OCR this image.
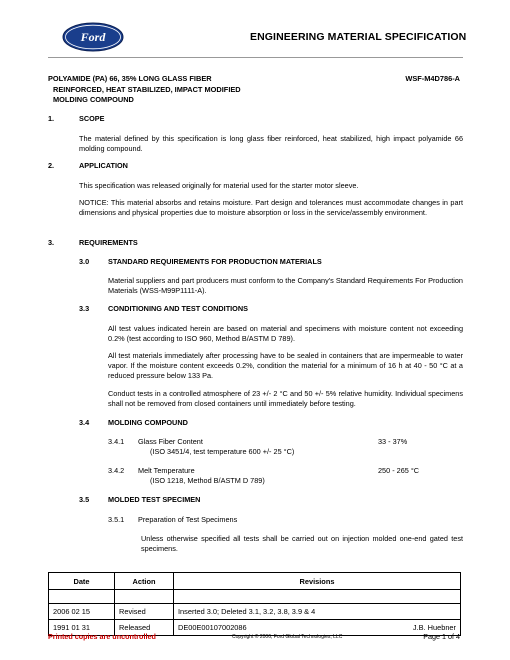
Ford	ENGINEERING MATERIAL SPECIFICATION
POLYAMIDE (PA) 66, 35% LONG GLASS FIBER
REINFORCED, HEAT STABILIZED, IMPACT MODIFIED
MOLDING COMPOUND
WSF-M4D786-A
1.	SCOPE
The material defined by this specification is long glass fiber reinforced, heat stabilized, high impact polyamide 66 molding compound.
2.	APPLICATION
This specification was released originally for material used for the starter motor sleeve.
NOTICE: This material absorbs and retains moisture. Part design and tolerances must accommodate changes in part dimensions and physical properties due to moisture absorption or loss in the service/assembly environment.
3.	REQUIREMENTS
3.0	STANDARD REQUIREMENTS FOR PRODUCTION MATERIALS
Material suppliers and part producers must conform to the Company's Standard Requirements For Production Materials (WSS-M99P1111-A).
3.3	CONDITIONING AND TEST CONDITIONS
All test values indicated herein are based on material and specimens with moisture content not exceeding 0.2% (test according to ISO 960, Method B/ASTM D 789).
All test materials immediately after processing have to be sealed in containers that are impermeable to water vapor. If the moisture content exceeds 0.2%, condition the material for a minimum of 16 h at 40 - 50 °C at a reduced pressure below 133 Pa.
Conduct tests in a controlled atmosphere of 23 +/- 2 °C and 50 +/- 5% relative humidity. Individual specimens shall not be removed from closed containers until immediately before testing.
3.4	MOLDING COMPOUND
3.4.1 Glass Fiber Content	33 - 37%
(ISO 3451/4, test temperature 600 +/- 25 °C)
3.4.2 Melt Temperature	250 - 265 °C
(ISO 1218, Method B/ASTM D 789)
3.5	MOLDED TEST SPECIMEN
3.5.1 Preparation of Test Specimens
Unless otherwise specified all tests shall be carried out on injection molded one-end gated test specimens.
Date	Action	Revisions

2006 02 15	Revised	Inserted 3.0; Deleted 3.1, 3.2, 3.8, 3.9 & 4

1991 01 31	Released	DE00E00107002086 J.B. Huebner
Printed copies are uncontrolled	Copyright © 2006, Ford Global Technologies, LLC	Page 1 of 4
